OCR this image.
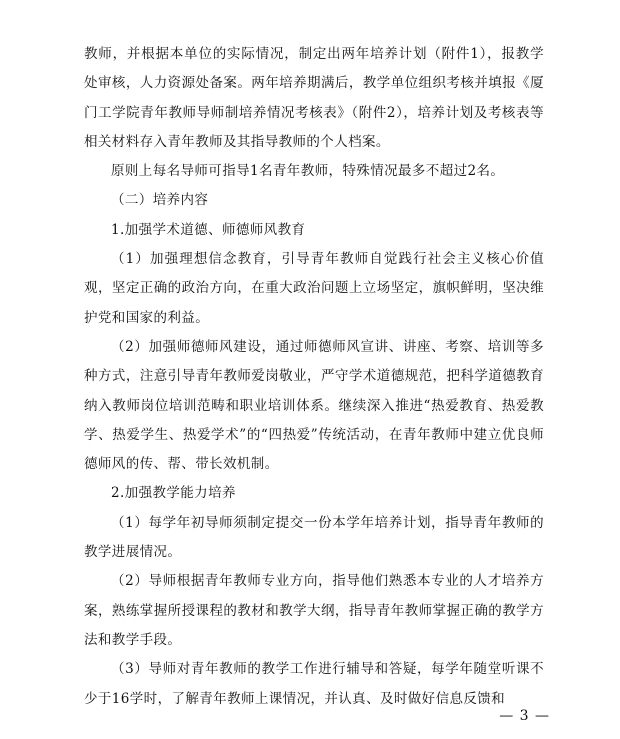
教师，并根据本单位的实际情况，制定出两年培养计划（附件1），报教学处审核，人力资源处备案。两年培养期满后，教学单位组织考核并填报《厦门工学院青年教师导师制培养情况考核表》（附件2），培养计划及考核表等相关材料存入青年教师及其指导教师的个人档案。

原则上每名导师可指导1名青年教师，特殊情况最多不超过2名。

（二）培养内容

1.加强学术道德、师德师风教育

（1）加强理想信念教育，引导青年教师自觉践行社会主义核心价值观，坚定正确的政治方向，在重大政治问题上立场坚定，旗帜鲜明，坚决维护党和国家的利益。

（2）加强师德师风建设，通过师德师风宣讲、讲座、考察、培训等多种方式，注意引导青年教师爱岗敬业，严守学术道德规范，把科学道德教育纳入教师岗位培训范畴和职业培训体系。继续深入推进“热爱教育、热爱教学、热爱学生、热爱学术”的“四热爱”传统活动，在青年教师中建立优良师德师风的传、帮、带长效机制。

2.加强教学能力培养

（1）每学年初导师须制定提交一份本学年培养计划，指导青年教师的教学进展情况。

（2）导师根据青年教师专业方向，指导他们熟悉本专业的人才培养方案，熟练掌握所授课程的教材和教学大纲，指导青年教师掌握正确的教学方法和教学手段。

（3）导师对青年教师的教学工作进行辅导和答疑，每学年随堂听课不少于16学时，了解青年教师上课情况，并认真、及时做好信息反馈和

— 3 —
